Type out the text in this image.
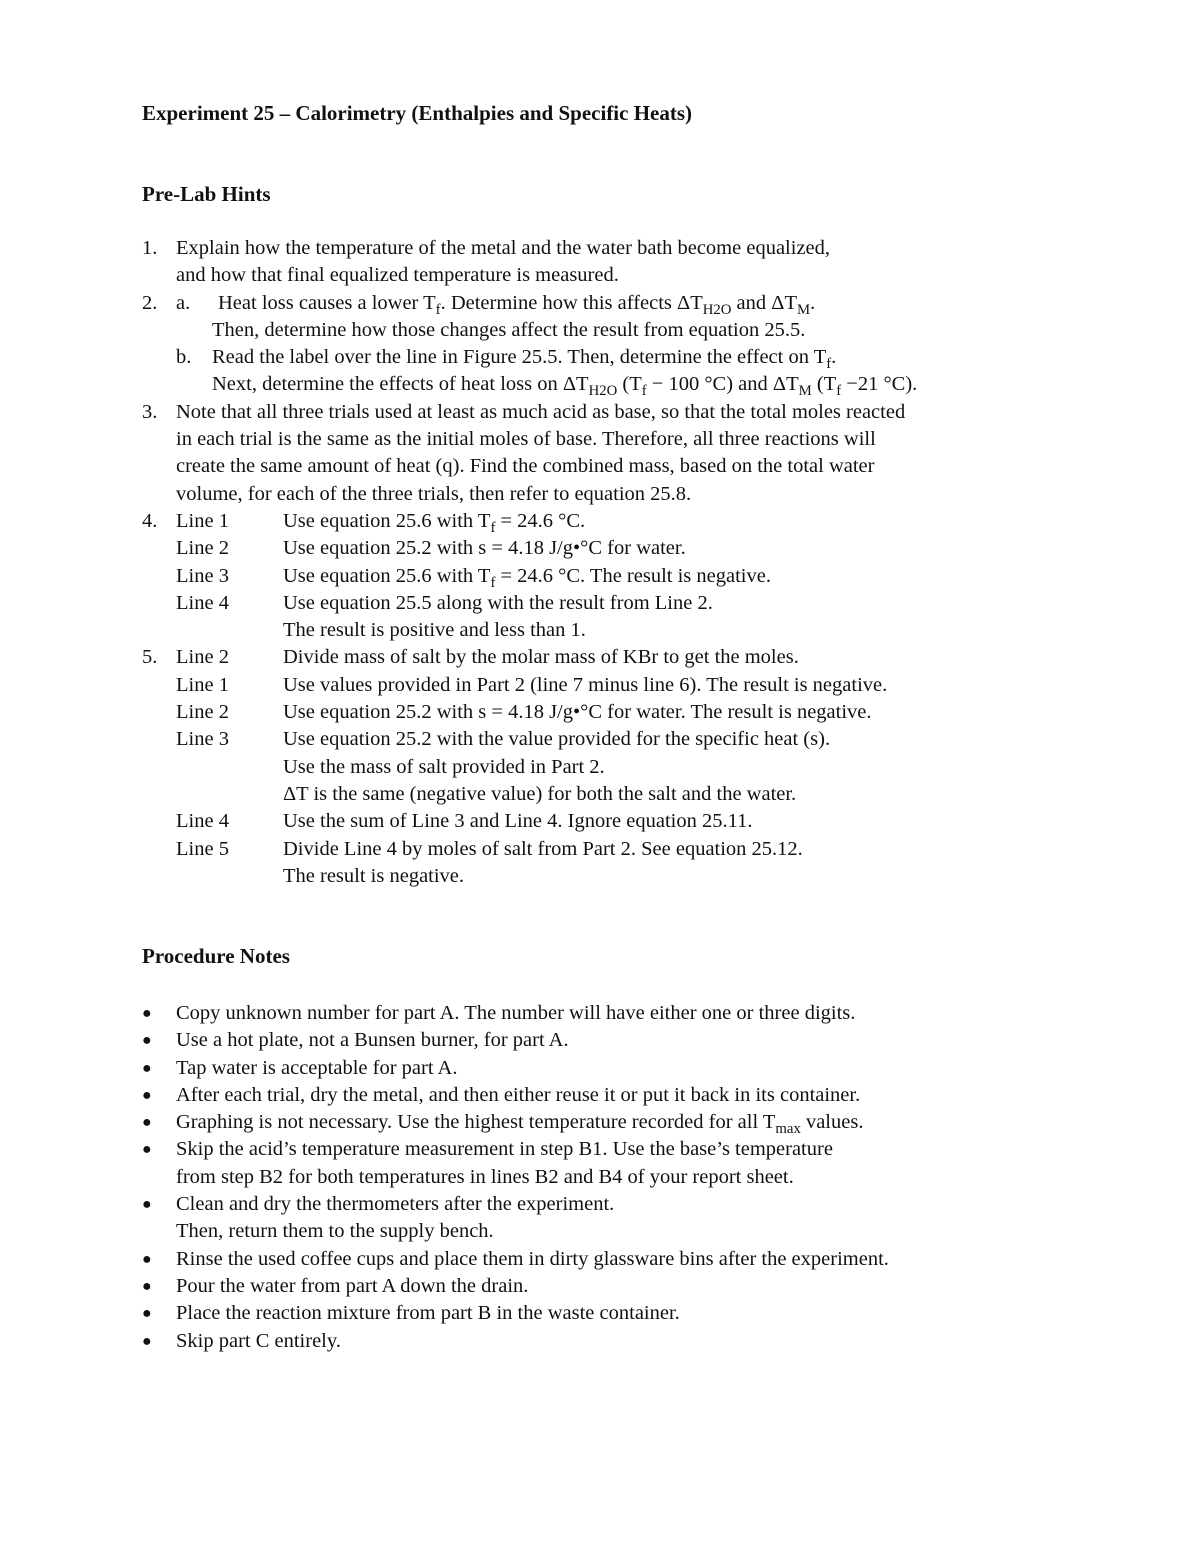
Experiment 25 – Calorimetry (Enthalpies and Specific Heats)
Pre-Lab Hints
1. Explain how the temperature of the metal and the water bath become equalized,
and how that final equalized temperature is measured.
2. a. Heat loss causes a lower $T_f$. Determine how this affects $\Delta T_{H2O}$ and $\Delta T_M$.
Then, determine how those changes affect the result from equation 25.5.
b. Read the label over the line in Figure 25.5. Then, determine the effect on $T_f$.
Next, determine the effects of heat loss on $\Delta T_{H2O}$ ($T_f - 100$ °C) and $\Delta T_M$ ($T_f -21$ °C).
3. Note that all three trials used at least as much acid as base, so that the total moles reacted
in each trial is the same as the initial moles of base. Therefore, all three reactions will
create the same amount of heat (q). Find the combined mass, based on the total water
volume, for each of the three trials, then refer to equation 25.8.
4. Line 1	Use equation 25.6 with $T_f = 24.6$ °C.
Line 2	Use equation 25.2 with s = 4.18 J/g•°C for water.
Line 3	Use equation 25.6 with $T_f = 24.6$ °C. The result is negative.
Line 4	Use equation 25.5 along with the result from Line 2.
The result is positive and less than 1.
5. Line 2	Divide mass of salt by the molar mass of KBr to get the moles.
Line 1	Use values provided in Part 2 (line 7 minus line 6). The result is negative.
Line 2	Use equation 25.2 with s = 4.18 J/g•°C for water. The result is negative.
Line 3	Use equation 25.2 with the value provided for the specific heat (s).
Use the mass of salt provided in Part 2.
ΔT is the same (negative value) for both the salt and the water.
Line 4	Use the sum of Line 3 and Line 4. Ignore equation 25.11.
Line 5	Divide Line 4 by moles of salt from Part 2. See equation 25.12.
The result is negative.
Procedure Notes
● Copy unknown number for part A. The number will have either one or three digits.
● Use a hot plate, not a Bunsen burner, for part A.
● Tap water is acceptable for part A.
● After each trial, dry the metal, and then either reuse it or put it back in its container.
● Graphing is not necessary. Use the highest temperature recorded for all $T_{max}$ values.
● Skip the acid’s temperature measurement in step B1. Use the base’s temperature
from step B2 for both temperatures in lines B2 and B4 of your report sheet.
● Clean and dry the thermometers after the experiment.
Then, return them to the supply bench.
● Rinse the used coffee cups and place them in dirty glassware bins after the experiment.
● Pour the water from part A down the drain.
● Place the reaction mixture from part B in the waste container.
● Skip part C entirely.
